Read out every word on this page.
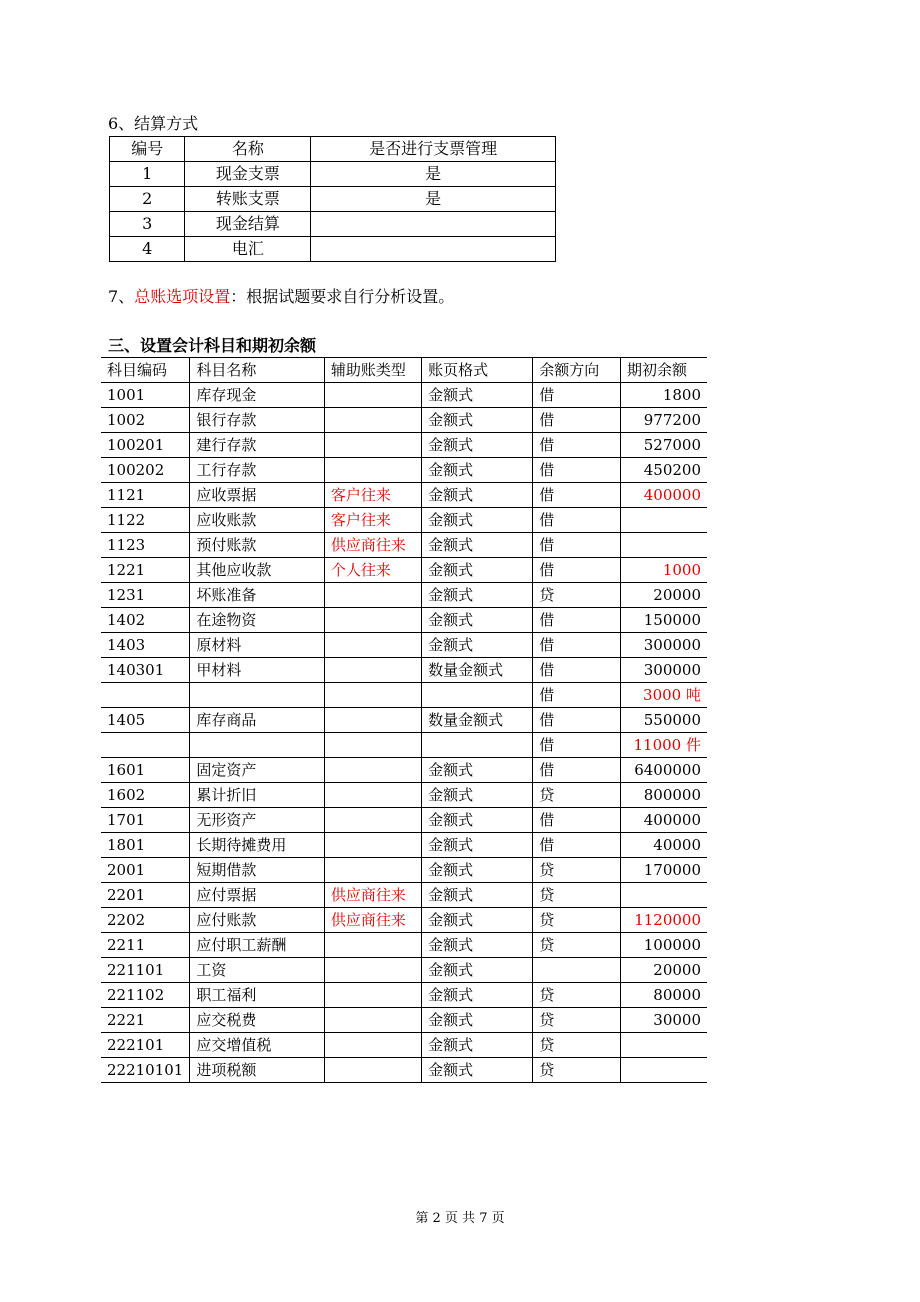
6、结算方式
编号	名称	是否进行支票管理
1	现金支票	是
2	转账支票	是
3	现金结算	
4	电汇	
7、总账选项设置：根据试题要求自行分析设置。
三、设置会计科目和期初余额
科目编码	科目名称	辅助账类型	账页格式	余额方向	期初余额
1001	库存现金		金额式	借	1800
1002	银行存款		金额式	借	977200
100201	建行存款		金额式	借	527000
100202	工行存款		金额式	借	450200
1121	应收票据	客户往来	金额式	借	400000
1122	应收账款	客户往来	金额式	借	
1123	预付账款	供应商往来	金额式	借	
1221	其他应收款	个人往来	金额式	借	1000
1231	坏账准备		金额式	贷	20000
1402	在途物资		金额式	借	150000
1403	原材料		金额式	借	300000
140301	甲材料		数量金额式	借	300000
				借	3000 吨
1405	库存商品		数量金额式	借	550000
				借	11000 件
1601	固定资产		金额式	借	6400000
1602	累计折旧		金额式	贷	800000
1701	无形资产		金额式	借	400000
1801	长期待摊费用		金额式	借	40000
2001	短期借款		金额式	贷	170000
2201	应付票据	供应商往来	金额式	贷	
2202	应付账款	供应商往来	金额式	贷	1120000
2211	应付职工薪酬		金额式	贷	100000
221101	工资		金额式		20000
221102	职工福利		金额式	贷	80000
2221	应交税费		金额式	贷	30000
222101	应交增值税		金额式	贷	
22210101	进项税额		金额式	贷	
第 2 页 共 7 页
